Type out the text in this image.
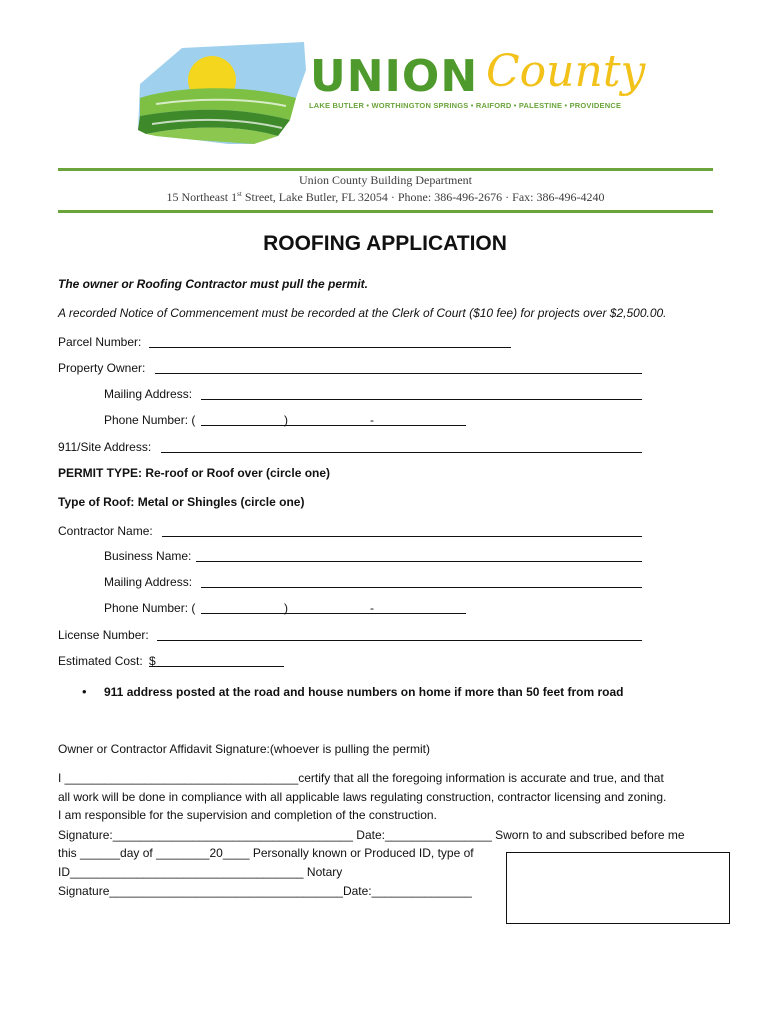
UNION County
LAKE BUTLER • WORTHINGTON SPRINGS • RAIFORD • PALESTINE • PROVIDENCE
Union County Building Department
15 Northeast 1st Street, Lake Butler, FL 32054 · Phone: 386-496-2676 · Fax: 386-496-4240
ROOFING APPLICATION
The owner or Roofing Contractor must pull the permit.
A recorded Notice of Commencement must be recorded at the Clerk of Court ($10 fee) for projects over $2,500.00.
Parcel Number:
Property Owner:
Mailing Address:
Phone Number: (	)	-
911/Site Address:
PERMIT TYPE: Re-roof or Roof over (circle one)
Type of Roof: Metal or Shingles (circle one)
Contractor Name:
Business Name:
Mailing Address:
Phone Number: (	)	-
License Number:
Estimated Cost: $
• 911 address posted at the road and house numbers on home if more than 50 feet from road
Owner or Contractor Affidavit Signature:(whoever is pulling the permit)
I ___________________________________certify that all the foregoing information is accurate and true, and that
all work will be done in compliance with all applicable laws regulating construction, contractor licensing and zoning.
I am responsible for the supervision and completion of the construction.
Signature:____________________________________ Date:________________ Sworn to and subscribed before me
this ______day of ________20____ Personally known or Produced ID, type of
ID___________________________________ Notary
Signature___________________________________Date:_______________
